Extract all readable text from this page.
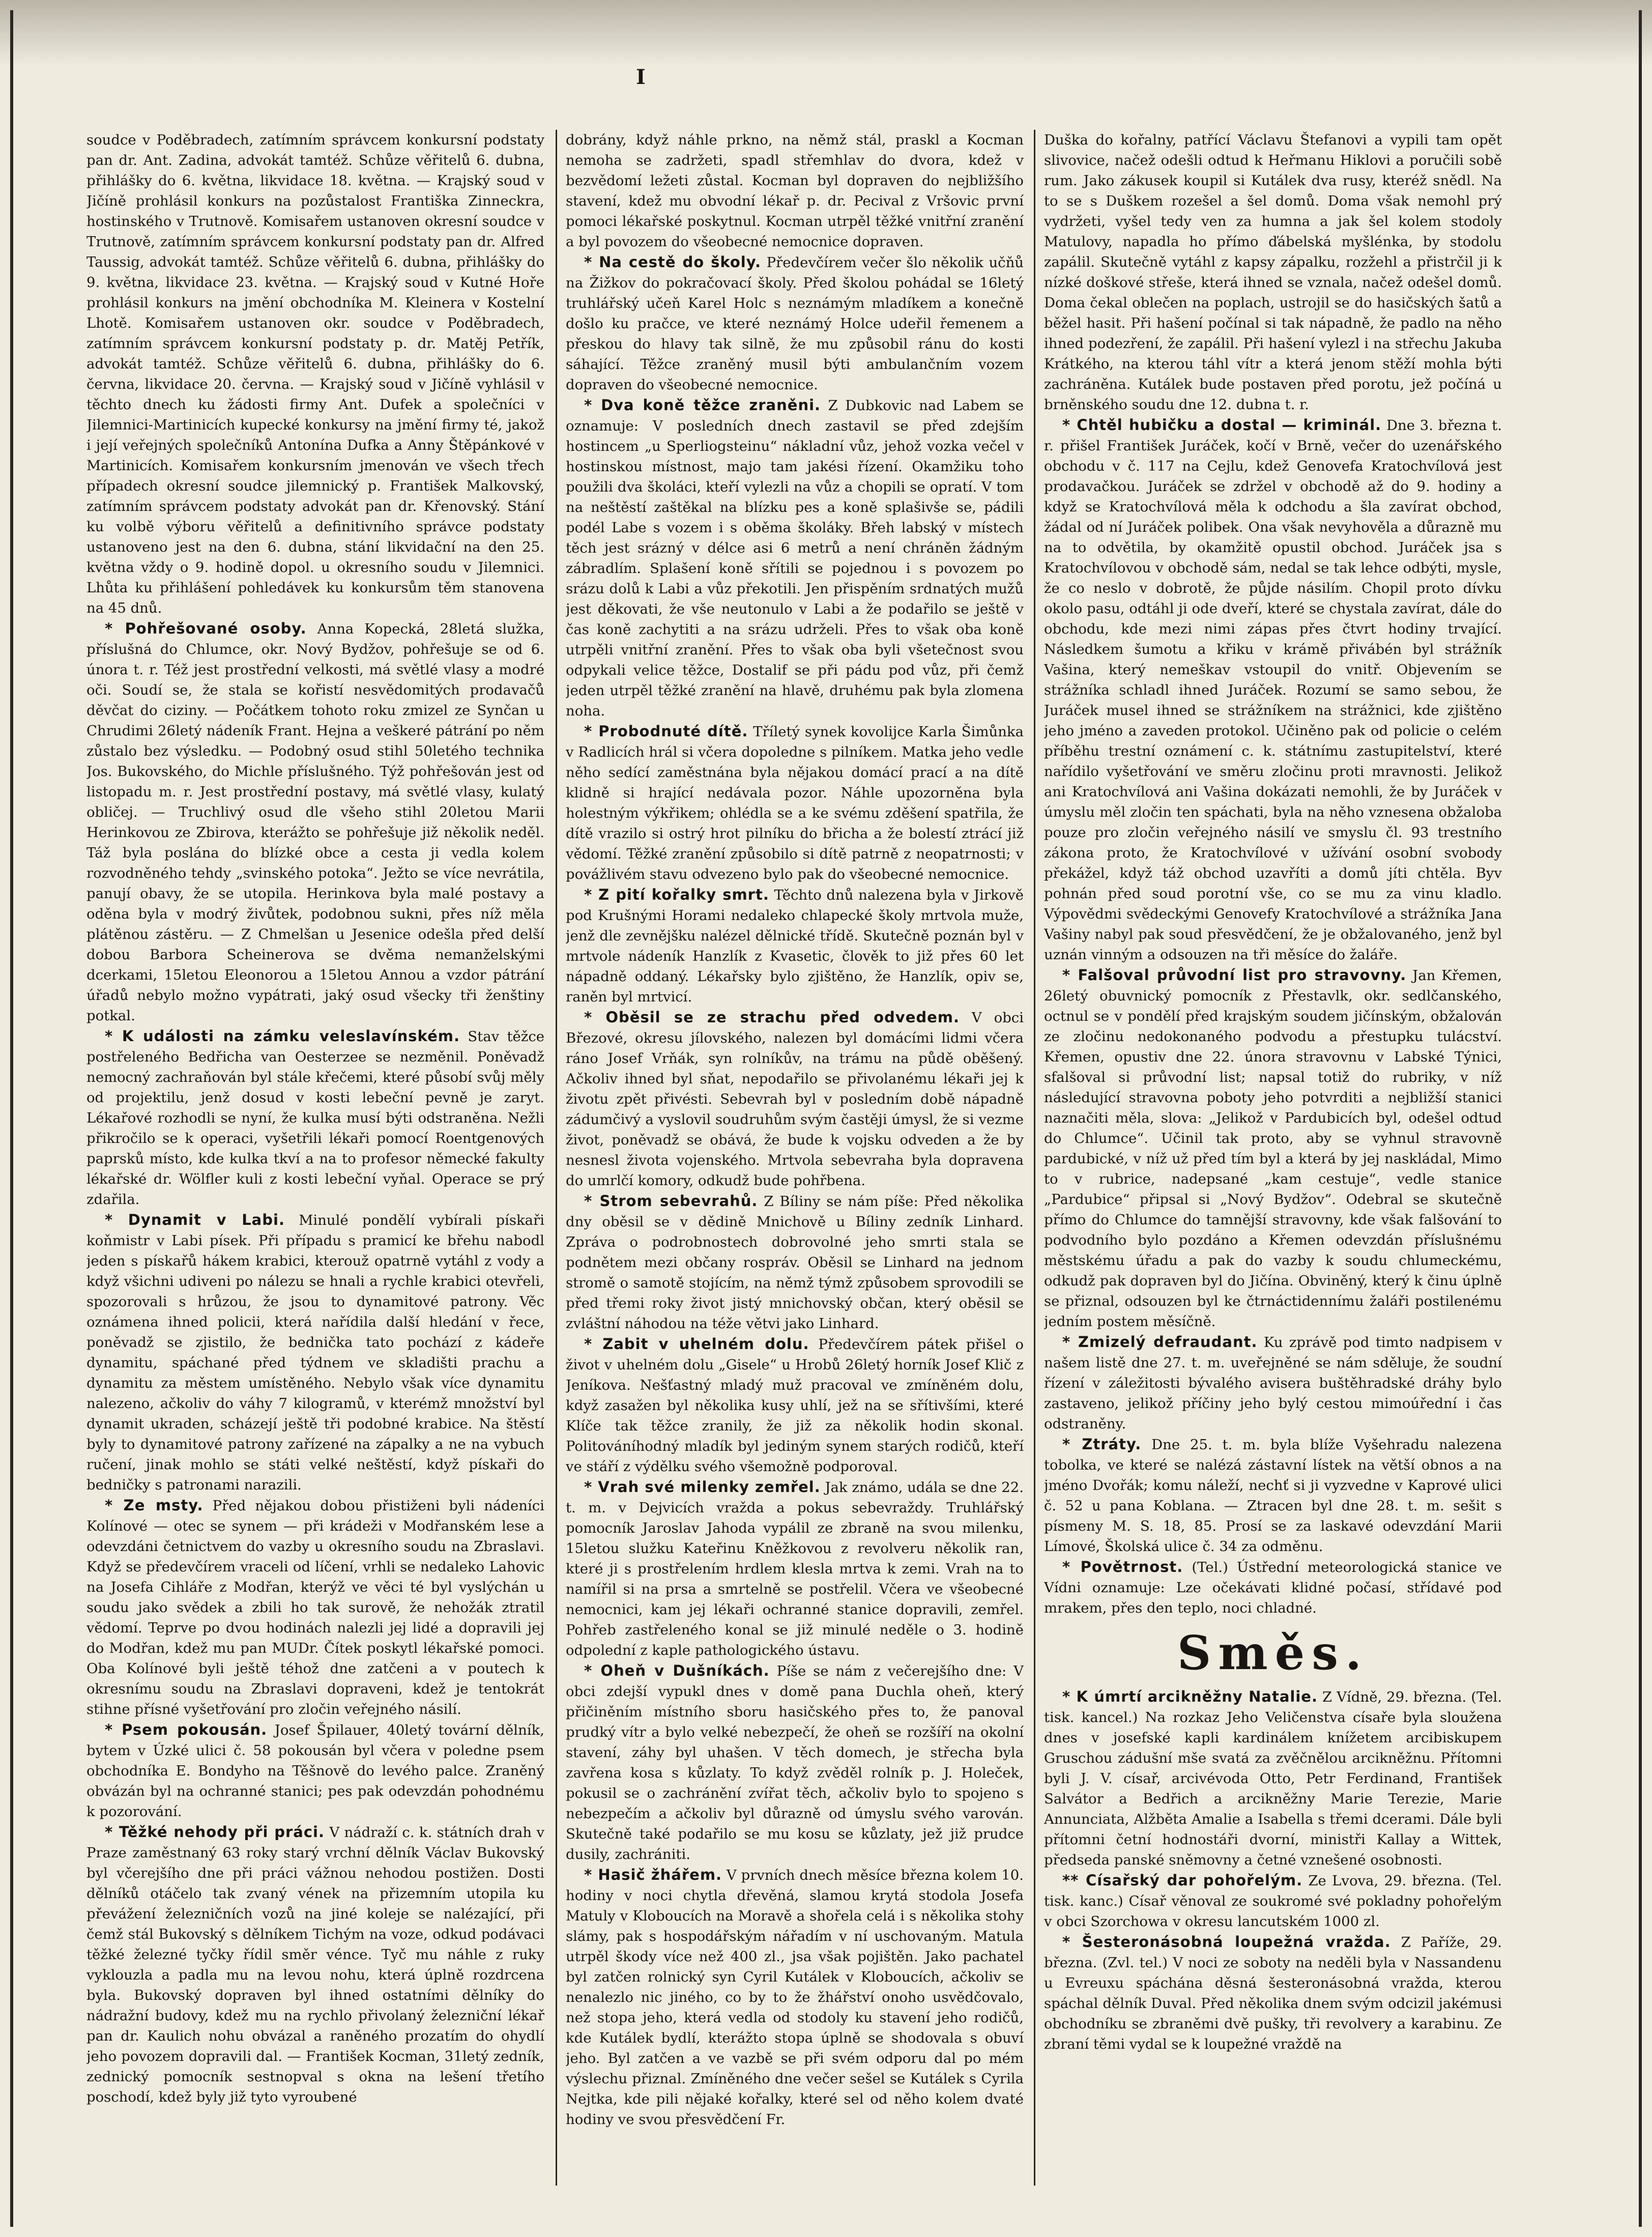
I

soudce v Poděbradech, zatímním správcem konkursní podstaty pan dr. Ant. Zadina, advokát tamtéž. Schůze věřitelů 6. dubna, přihlášky do 6. května, likvidace 18. května. — Krajský soud v Jičíně prohlásil konkurs na pozůstalost Františka Zinneckra, hostinského v Trutnově. Komisařem ustanoven okresní soudce v Trutnově, zatímním správcem konkursní podstaty pan dr. Alfred Taussig, advokát tamtéž. Schůze věřitelů 6. dubna, přihlášky do 9. května, likvidace 23. května. — Krajský soud v Kutné Hoře prohlásil konkurs na jmění obchodníka M. Kleinera v Kostelní Lhotě. Komisařem ustanoven okr. soudce v Poděbradech, zatímním správcem konkursní podstaty p. dr. Matěj Petřík, advokát tamtéž. Schůze věřitelů 6. dubna, přihlášky do 6. června, likvidace 20. června. — Krajský soud v Jičíně vyhlásil v těchto dnech ku žádosti firmy Ant. Dufek a společníci v Jilemnici-Martinicích kupecké konkursy na jmění firmy té, jakož i její veřejných společníků Antonína Dufka a Anny Štěpánkové v Martinicích. Komisařem konkursním jmenován ve všech třech případech okresní soudce jilemnický p. František Malkovský, zatímním správcem podstaty advokát pan dr. Křenovský. Stání ku volbě výboru věřitelů a definitivního správce podstaty ustanoveno jest na den 6. dubna, stání likvidační na den 25. května vždy o 9. hodině dopol. u okresního soudu v Jilemnici. Lhůta ku přihlášení pohledávek ku konkursům těm stanovena na 45 dnů.

* Pohřešované osoby. Anna Kopecká, 28letá služka, příslušná do Chlumce, okr. Nový Bydžov, pohřešuje se od 6. února t. r. Též jest prostřední velkosti, má světlé vlasy a modré oči. Soudí se, že stala se kořistí nesvědomitých prodavačů děvčat do ciziny. — Počátkem tohoto roku zmizel ze Synčan u Chrudimi 26letý nádeník Frant. Hejna a veškeré pátrání po něm zůstalo bez výsledku. — Podobný osud stihl 50letého technika Jos. Bukovského, do Michle příslušného. Týž pohřešován jest od listopadu m. r. Jest prostřední postavy, má světlé vlasy, kulatý obličej. — Truchlivý osud dle všeho stihl 20letou Marii Herinkovou ze Zbirova, kterážto se pohřešuje již několik neděl. Táž byla poslána do blízké obce a cesta ji vedla kolem rozvodněného tehdy „svinského potoka“. Ježto se více nevrátila, panují obavy, že se utopila. Herinkova byla malé postavy a oděna byla v modrý živůtek, podobnou sukni, přes níž měla plátěnou zástěru. — Z Chmelšan u Jesenice odešla před delší dobou Barbora Scheinerova se dvěma nemanželskými dcerkami, 15letou Eleonorou a 15letou Annou a vzdor pátrání úřadů nebylo možno vypátrati, jaký osud všecky tři ženštiny potkal.

* K události na zámku veleslavínském. Stav těžce postřeleného Bedřicha van Oesterzee se nezměnil. Poněvadž nemocný zachraňován byl stále křečemi, které působí svůj měly od projektilu, jenž dosud v kosti lebeční pevně je zaryt. Lékařové rozhodli se nyní, že kulka musí býti odstraněna. Nežli přikročilo se k operaci, vyšetřili lékaři pomocí Roentgenových paprsků místo, kde kulka tkví a na to profesor německé fakulty lékařské dr. Wölfler kuli z kosti lebeční vyňal. Operace se prý zdařila.

* Dynamit v Labi. Minulé pondělí vybírali pískaři koňmistr v Labi písek. Při případu s pramicí ke břehu nabodl jeden s pískařů hákem krabici, kterouž opatrně vytáhl z vody a když všichni udiveni po nálezu se hnali a rychle krabici otevřeli, spozorovali s hrůzou, že jsou to dynamitové patrony. Věc oznámena ihned policii, která nařídila další hledání v řece, poněvadž se zjistilo, že bednička tato pochází z kádeře dynamitu, spáchané před týdnem ve skladišti prachu a dynamitu za městem umístěného. Nebylo však více dynamitu nalezeno, ačkoliv do váhy 7 kilogramů, v kterémž množství byl dynamit ukraden, scházejí ještě tři podobné krabice. Na štěstí byly to dynamitové patrony zařízené na zápalky a ne na vybuch ručení, jinak mohlo se státi velké neštěstí, když pískaři do bedničky s patronami narazili.

* Ze msty. Před nějakou dobou přistiženi byli nádeníci Kolínové — otec se synem — při krádeži v Modřanském lese a odevzdáni četnictvem do vazby u okresního soudu na Zbraslavi. Když se předevčírem vraceli od líčení, vrhli se nedaleko Lahovic na Josefa Cihláře z Modřan, kterýž ve věci té byl vyslýchán u soudu jako svědek a zbili ho tak surově, že nehožák ztratil vědomí. Teprve po dvou hodinách nalezli jej lidé a dopravili jej do Modřan, kdež mu pan MUDr. Čítek poskytl lékařské pomoci. Oba Kolínové byli ještě téhož dne zatčeni a v poutech k okresnímu soudu na Zbraslavi dopraveni, kdež je tentokrát stihne přísné vyšetřování pro zločin veřejného násilí.

* Psem pokousán. Josef Špilauer, 40letý tovární dělník, bytem v Úzké ulici č. 58 pokousán byl včera v poledne psem obchodníka E. Bondyho na Těšnově do levého palce. Zraněný obvázán byl na ochranné stanici; pes pak odevzdán pohodnému k pozorování.

* Těžké nehody při práci. V nádraží c. k. státních drah v Praze zaměstnaný 63 roky starý vrchní dělník Václav Bukovský byl včerejšího dne při práci vážnou nehodou postižen. Dosti dělníků otáčelo tak zvaný vének na přizemním utopila ku převážení železničních vozů na jiné koleje se nalézající, při čemž stál Bukovský s dělníkem Tichým na voze, odkud podávaci těžké železné tyčky řídil směr vénce. Tyč mu náhle z ruky vyklouzla a padla mu na levou nohu, která úplně rozdrcena byla. Bukovský dopraven byl ihned ostatními dělníky do nádražní budovy, kdež mu na rychlo přivolaný železniční lékař pan dr. Kaulich nohu obvázal a raněného prozatím do ohydlí jeho povozem dopravili dal. — František Kocman, 31letý zedník, zednický pomocník sestnopval s okna na lešení třetího poschodí, kdež byly již tyto vyroubené

dobrány, když náhle prkno, na němž stál, praskl a Kocman nemoha se zadržeti, spadl střemhlav do dvora, kdež v bezvědomí ležeti zůstal. Kocman byl dopraven do nejbližšího stavení, kdež mu obvodní lékař p. dr. Pecival z Vršovic první pomoci lékařské poskytnul. Kocman utrpěl těžké vnitřní zranění a byl povozem do všeobecné nemocnice dopraven.

* Na cestě do školy. Předevčírem večer šlo několik učňů na Žižkov do pokračovací školy. Před školou pohádal se 16letý truhlářský učeň Karel Holc s neznámým mladíkem a konečně došlo ku pračce, ve které neznámý Holce udeřil řemenem a přeskou do hlavy tak silně, že mu způsobil ránu do kosti sáhající. Těžce zraněný musil býti ambulančním vozem dopraven do všeobecné nemocnice.

* Dva koně těžce zraněni. Z Dubkovic nad Labem se oznamuje: V posledních dnech zastavil se před zdejším hostincem „u Sperliogsteinu“ nákladní vůz, jehož vozka večel v hostinskou místnost, majo tam jakési řízení. Okamžiku toho použili dva školáci, kteří vylezli na vůz a chopili se opratí. V tom na neštěstí zaštěkal na blízku pes a koně splašivše se, pádili podél Labe s vozem i s oběma školáky. Břeh labský v místech těch jest srázný v délce asi 6 metrů a není chráněn žádným zábradlím. Splašení koně sřítili se pojednou i s povozem po srázu dolů k Labi a vůz překotili. Jen přispěním srdnatých mužů jest děkovati, že vše neutonulo v Labi a že podařilo se ještě v čas koně zachytiti a na srázu udrželi. Přes to však oba koně utrpěli vnitřní zranění. Přes to však oba byli všetečnost svou odpykali velice těžce, Dostalif se při pádu pod vůz, při čemž jeden utrpěl těžké zranění na hlavě, druhému pak byla zlomena noha.

* Probodnuté dítě. Tříletý synek kovolijce Karla Šimůnka v Radlicích hrál si včera dopoledne s pilníkem. Matka jeho vedle něho sedící zaměstnána byla nějakou domácí prací a na dítě klidně si hrající nedávala pozor. Náhle upozorněna byla holestným výkřikem; ohlédla se a ke svému zděšení spatřila, že dítě vrazilo si ostrý hrot pilníku do břicha a že bolestí ztrácí již vědomí. Těžké zranění způsobilo si dítě patrně z neopatrnosti; v povážlivém stavu odvezeno bylo pak do všeobecné nemocnice.

* Z pití kořalky smrt. Těchto dnů nalezena byla v Jirkově pod Krušnými Horami nedaleko chlapecké školy mrtvola muže, jenž dle zevnějšku nalézel dělnické třídě. Skutečně poznán byl v mrtvole nádeník Hanzlík z Kvasetic, člověk to již přes 60 let nápadně oddaný. Lékařsky bylo zjištěno, že Hanzlík, opiv se, raněn byl mrtvicí.

* Oběsil se ze strachu před odvedem. V obci Březové, okresu jílovského, nalezen byl domácími lidmi včera ráno Josef Vrňák, syn rolníkův, na trámu na půdě oběšený. Ačkoliv ihned byl sňat, nepodařilo se přivolanému lékaři jej k životu zpět přivésti. Sebevrah byl v posledním době nápadně zádumčivý a vyslovil soudruhům svým častěji úmysl, že si vezme život, poněvadž se obává, že bude k vojsku odveden a že by nesnesl života vojenského. Mrtvola sebevraha byla dopravena do umrlčí komory, odkudž bude pohřbena.

* Strom sebevrahů. Z Bíliny se nám píše: Před několika dny oběsil se v dědině Mnichově u Bíliny zedník Linhard. Zpráva o podrobnostech dobrovolné jeho smrti stala se podnětem mezi občany rospráv. Oběsil se Linhard na jednom stromě o samotě stojícím, na němž týmž způsobem sprovodili se před třemi roky život jistý mnichovský občan, který oběsil se zvláštní náhodou na téže větvi jako Linhard.

* Zabit v uhelném dolu. Předevčírem pátek přišel o život v uhelném dolu „Gisele“ u Hrobů 26letý horník Josef Klič z Jeníkova. Nešťastný mladý muž pracoval ve zmíněném dolu, když zasažen byl několika kusy uhlí, jež na se sřítivšími, které Klíče tak těžce zranily, že již za několik hodin skonal. Politováníhodný mladík byl jediným synem starých rodičů, kteří ve stáří z výdělku svého všemožně podporoval.

* Vrah své milenky zemřel. Jak známo, udála se dne 22. t. m. v Dejvicích vražda a pokus sebevraždy. Truhlářský pomocník Jaroslav Jahoda vypálil ze zbraně na svou milenku, 15letou služku Kateřinu Kněžkovou z revolveru několik ran, které ji s prostřelením hrdlem klesla mrtva k zemi. Vrah na to namířil si na prsa a smrtelně se postřelil. Včera ve všeobecné nemocnici, kam jej lékaři ochranné stanice dopravili, zemřel. Pohřeb zastřeleného konal se již minulé neděle o 3. hodině odpolední z kaple pathologického ústavu.

* Oheň v Dušníkách. Píše se nám z večerejšího dne: V obci zdejší vypukl dnes v domě pana Duchla oheň, který přičiněním místního sboru hasičského přes to, že panoval prudký vítr a bylo velké nebezpečí, že oheň se rozšíří na okolní stavení, záhy byl uhašen. V těch domech, je střecha byla zavřena kosa s kůzlaty. To když zvěděl rolník p. J. Holeček, pokusil se o zachránění zvířat těch, ačkoliv bylo to spojeno s nebezpečím a ačkoliv byl důrazně od úmyslu svého varován. Skutečně také podařilo se mu kosu se kůzlaty, jež již prudce dusily, zachrániti.

* Hasič žhářem. V prvních dnech měsíce března kolem 10. hodiny v noci chytla dřevěná, slamou krytá stodola Josefa Matuly v Kloboucích na Moravě a shořela celá i s několika stohy slámy, pak s hospodářským nářadím v ní uschovaným. Matula utrpěl škody více než 400 zl., jsa však pojištěn. Jako pachatel byl zatčen rolnický syn Cyril Kutálek v Kloboucích, ačkoliv se nenalezlo nic jiného, co by to že žhářství onoho usvědčovalo, než stopa jeho, která vedla od stodoly ku stavení jeho rodičů, kde Kutálek bydlí, kterážto stopa úplně se shodovala s obuví jeho. Byl zatčen a ve vazbě se při svém odporu dal po mém výslechu přiznal. Zmíněného dne večer sešel se Kutálek s Cyrila Nejtka, kde pili nějaké kořalky, které sel od něho kolem dvaté hodiny ve svou přesvědčení Fr.

Duška do kořalny, patřící Václavu Štefanovi a vypili tam opět slivovice, načež odešli odtud k Heřmanu Hiklovi a poručili sobě rum. Jako zákusek koupil si Kutálek dva rusy, kteréž snědl. Na to se s Duškem rozešel a šel domů. Doma však nemohl prý vydržeti, vyšel tedy ven za humna a jak šel kolem stodoly Matulovy, napadla ho přímo ďábelská myšlénka, by stodolu zapálil. Skutečně vytáhl z kapsy zápalku, rozžehl a přistrčil ji k nízké doškové střeše, která ihned se vznala, načež odešel domů. Doma čekal oblečen na poplach, ustrojil se do hasičských šatů a běžel hasit. Při hašení počínal si tak nápadně, že padlo na něho ihned podezření, že zapálil. Při hašení vylezl i na střechu Jakuba Krátkého, na kterou táhl vítr a která jenom stěží mohla býti zachráněna. Kutálek bude postaven před porotu, jež počíná u brněnského soudu dne 12. dubna t. r.

* Chtěl hubičku a dostal — kriminál. Dne 3. března t. r. přišel František Juráček, kočí v Brně, večer do uzenářského obchodu v č. 117 na Cejlu, kdež Genovefa Kratochvílová jest prodavačkou. Juráček se zdržel v obchodě až do 9. hodiny a když se Kratochvílová měla k odchodu a šla zavírat obchod, žádal od ní Juráček polibek. Ona však nevyhověla a důrazně mu na to odvětila, by okamžitě opustil obchod. Juráček jsa s Kratochvílovou v obchodě sám, nedal se tak lehce odbýti, mysle, že co neslo v dobrotě, že půjde násilím. Chopil proto dívku okolo pasu, odtáhl ji ode dveří, které se chystala zavírat, dále do obchodu, kde mezi nimi zápas přes čtvrt hodiny trvající. Následkem šumotu a křiku v krámě přivábén byl strážník Vašina, který nemeškav vstoupil do vnitř. Objevením se strážníka schladl ihned Juráček. Rozumí se samo sebou, že Juráček musel ihned se strážníkem na strážnici, kde zjištěno jeho jméno a zaveden protokol. Učiněno pak od policie o celém příběhu trestní oznámení c. k. státnímu zastupitelství, které nařídilo vyšetřování ve směru zločinu proti mravnosti. Jelikož ani Kratochvílová ani Vašina dokázati nemohli, že by Juráček v úmyslu měl zločin ten spáchati, byla na něho vznesena obžaloba pouze pro zločin veřejného násilí ve smyslu čl. 93 trestního zákona proto, že Kratochvílové v užívání osobní svobody překážel, když táž obchod uzavříti a domů jíti chtěla. Byv pohnán před soud porotní vše, co se mu za vinu kladlo. Výpovědmi svědeckými Genovefy Kratochvílové a strážníka Jana Vašiny nabyl pak soud přesvědčení, že je obžalovaného, jenž byl uznán vinným a odsouzen na tři měsíce do žaláře.

* Falšoval průvodní list pro stravovny. Jan Křemen, 26letý obuvnický pomocník z Přestavlk, okr. sedlčanského, octnul se v pondělí před krajským soudem jičínským, obžalován ze zločinu nedokonaného podvodu a přestupku tulácství. Křemen, opustiv dne 22. února stravovnu v Labské Týnici, sfalšoval si průvodní list; napsal totiž do rubriky, v níž následující stravovna poboty jeho potvrditi a nejbližší stanici naznačiti měla, slova: „Jelikož v Pardubicích byl, odešel odtud do Chlumce“. Učinil tak proto, aby se vyhnul stravovně pardubické, v níž už před tím byl a která by jej naskládal, Mimo to v rubrice, nadepsané „kam cestuje“, vedle stanice „Pardubice“ připsal si „Nový Bydžov“. Odebral se skutečně přímo do Chlumce do tamnější stravovny, kde však falšování to podvodního bylo pozdáno a Křemen odevzdán příslušnému městskému úřadu a pak do vazby k soudu chlumeckému, odkudž pak dopraven byl do Jičína. Obviněný, který k činu úplně se přiznal, odsouzen byl ke čtrnáctidennímu žaláři postilenému jedním postem měsíčně.

* Zmizelý defraudant. Ku zprávě pod timto nadpisem v našem listě dne 27. t. m. uveřejněné se nám sděluje, že soudní řízení v záležitosti bývalého avisera buštěhradské dráhy bylo zastaveno, jelikož příčiny jeho bylý cestou mimoúřední i čas odstraněny.

* Ztráty. Dne 25. t. m. byla blíže Vyšehradu nalezena tobolka, ve které se nalézá zástavní lístek na větší obnos a na jméno Dvořák; komu náleží, nechť si ji vyzvedne v Kaprové ulici č. 52 u pana Koblana. — Ztracen byl dne 28. t. m. sešit s písmeny M. S. 18, 85. Prosí se za laskavé odevzdání Marii Límové, Školská ulice č. 34 za odměnu.

* Povětrnost. (Tel.) Ústřední meteorologická stanice ve Vídni oznamuje: Lze očekávati klidné počasí, střídavé pod mrakem, přes den teplo, noci chladné.

Směs.

* K úmrtí arcikněžny Natalie. Z Vídně, 29. března. (Tel. tisk. kancel.) Na rozkaz Jeho Veličenstva císaře byla sloužena dnes v josefské kapli kardinálem knížetem arcibiskupem Gruschou zádušní mše svatá za zvěčnělou arcikněžnu. Přítomni byli J. V. císař, arcivévoda Otto, Petr Ferdinand, František Salvátor a Bedřich a arcikněžny Marie Terezie, Marie Annunciata, Alžběta Amalie a Isabella s třemi dcerami. Dále byli přítomni četní hodnostáři dvorní, ministři Kallay a Wittek, předseda panské sněmovny a četné vznešené osobnosti.

** Císařský dar pohořelým. Ze Lvova, 29. března. (Tel. tisk. kanc.) Císař věnoval ze soukromé své pokladny pohořelým v obci Szorchowa v okresu lancutském 1000 zl.

* Šesteronásobná loupežná vražda. Z Paříže, 29. března. (Zvl. tel.) V noci ze soboty na neděli byla v Nassandenu u Evreuxu spáchána děsná šesteronásobná vražda, kterou spáchal dělník Duval. Před několika dnem svým odcizil jakémusi obchodníku se zbraněmi dvě pušky, tři revolvery a karabinu. Ze zbraní těmi vydal se k loupežné vraždě na
